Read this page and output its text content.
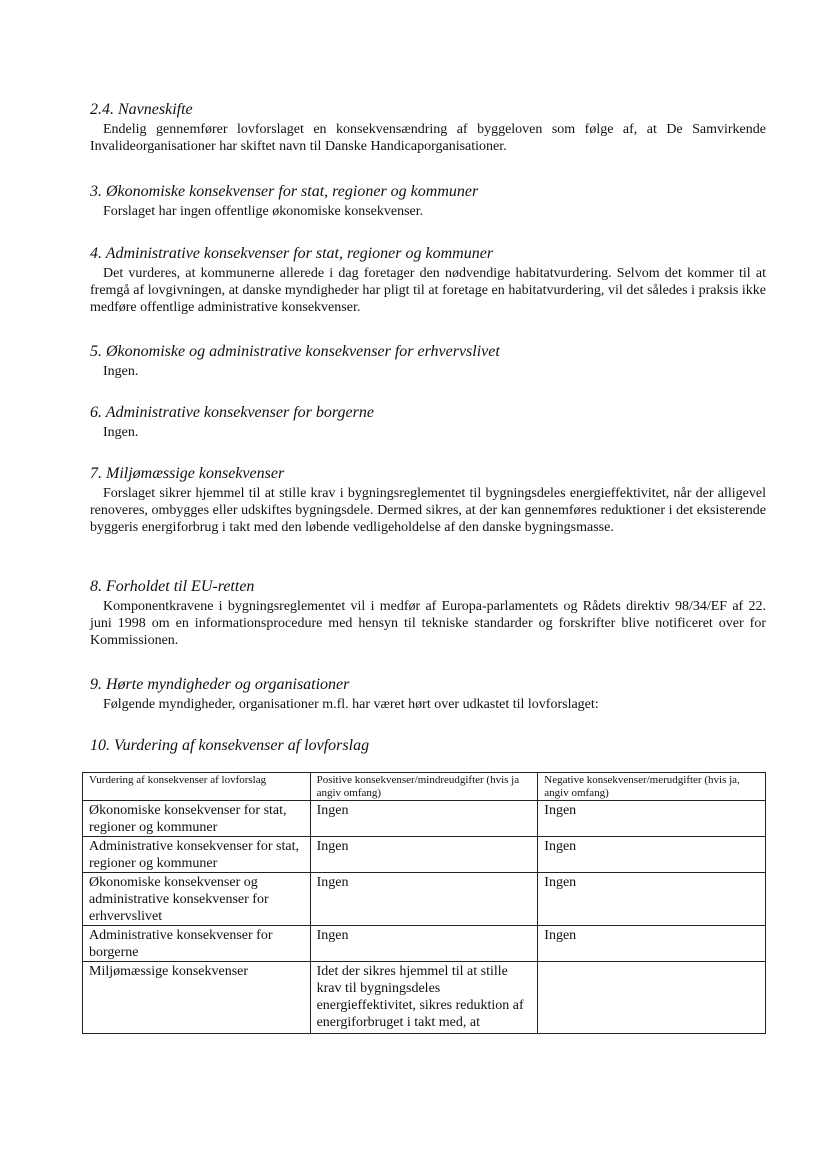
2.4. Navneskifte

Endelig gennemfører lovforslaget en konsekvensændring af byggeloven som følge af, at De Samvirkende Invalideorganisationer har skiftet navn til Danske Handicaporganisationer.

3. Økonomiske konsekvenser for stat, regioner og kommuner

Forslaget har ingen offentlige økonomiske konsekvenser.

4. Administrative konsekvenser for stat, regioner og kommuner

Det vurderes, at kommunerne allerede i dag foretager den nødvendige habitatvurdering. Selvom det kommer til at fremgå af lovgivningen, at danske myndigheder har pligt til at foretage en habitatvurdering, vil det således i praksis ikke medføre offentlige administrative konsekvenser.

5. Økonomiske og administrative konsekvenser for erhvervslivet

Ingen.

6. Administrative konsekvenser for borgerne

Ingen.

7. Miljømæssige konsekvenser

Forslaget sikrer hjemmel til at stille krav i bygningsreglementet til bygningsdeles energieffektivitet, når der alligevel renoveres, ombygges eller udskiftes bygningsdele. Dermed sikres, at der kan gennemføres reduktioner i det eksisterende byggeris energiforbrug i takt med den løbende vedligeholdelse af den danske bygningsmasse.

8. Forholdet til EU-retten

Komponentkravene i bygningsreglementet vil i medfør af Europa-parlamentets og Rådets direktiv 98/34/EF af 22. juni 1998 om en informationsprocedure med hensyn til tekniske standarder og forskrifter blive notificeret over for Kommissionen.

9. Hørte myndigheder og organisationer

Følgende myndigheder, organisationer m.fl. har været hørt over udkastet til lovforslaget:

10. Vurdering af konsekvenser af lovforslag

Vurdering af konsekvenser af lovforslag	Positive konsekvenser/mindreudgifter (hvis ja angiv omfang)	Negative konsekvenser/merudgifter (hvis ja, angiv omfang)
Økonomiske konsekvenser for stat, regioner og kommuner	Ingen	Ingen
Administrative konsekvenser for stat, regioner og kommuner	Ingen	Ingen
Økonomiske konsekvenser og administrative konsekvenser for erhvervslivet	Ingen	Ingen
Administrative konsekvenser for borgerne	Ingen	Ingen
Miljømæssige konsekvenser	Idet der sikres hjemmel til at stille krav til bygningsdeles energieffektivitet, sikres reduktion af energiforbruget i takt med, at	
